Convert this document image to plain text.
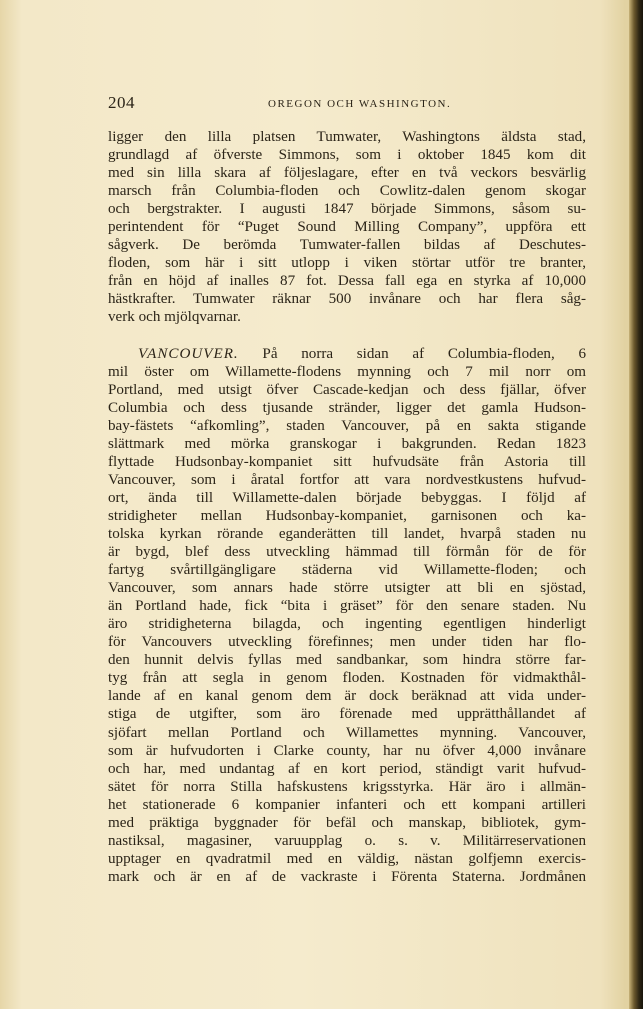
204	OREGON OCH WASHINGTON.
ligger den lilla platsen Tumwater, Washingtons äldsta stad,
grundlagd af öfverste Simmons, som i oktober 1845 kom dit
med sin lilla skara af följeslagare, efter en två veckors besvärlig
marsch från Columbia-floden och Cowlitz-dalen genom skogar
och bergstrakter. I augusti 1847 började Simmons, såsom su-
perintendent för “Puget Sound Milling Company”, uppföra ett
sågverk. De berömda Tumwater-fallen bildas af Deschutes-
floden, som här i sitt utlopp i viken störtar utför tre branter,
från en höjd af inalles 87 fot. Dessa fall ega en styrka af 10,000
hästkrafter. Tumwater räknar 500 invånare och har flera såg-
verk och mjölqvarnar.
VANCOUVER. På norra sidan af Columbia-floden, 6
mil öster om Willamette-flodens mynning och 7 mil norr om
Portland, med utsigt öfver Cascade-kedjan och dess fjällar, öfver
Columbia och dess tjusande stränder, ligger det gamla Hudson-
bay-fästets “afkomling”, staden Vancouver, på en sakta stigande
slättmark med mörka granskogar i bakgrunden. Redan 1823
flyttade Hudsonbay-kompaniet sitt hufvudsäte från Astoria till
Vancouver, som i åratal fortfor att vara nordvestkustens hufvud-
ort, ända till Willamette-dalen började bebyggas. I följd af
stridigheter mellan Hudsonbay-kompaniet, garnisonen och ka-
tolska kyrkan rörande eganderätten till landet, hvarpå staden nu
är bygd, blef dess utveckling hämmad till förmån för de för
fartyg svårtillgängligare städerna vid Willamette-floden; och
Vancouver, som annars hade större utsigter att bli en sjöstad,
än Portland hade, fick “bita i gräset” för den senare staden. Nu
äro stridigheterna bilagda, och ingenting egentligen hinderligt
för Vancouvers utveckling förefinnes; men under tiden har flo-
den hunnit delvis fyllas med sandbankar, som hindra större far-
tyg från att segla in genom floden. Kostnaden för vidmakthål-
lande af en kanal genom dem är dock beräknad att vida under-
stiga de utgifter, som äro förenade med upprätthållandet af
sjöfart mellan Portland och Willamettes mynning. Vancouver,
som är hufvudorten i Clarke county, har nu öfver 4,000 invånare
och har, med undantag af en kort period, ständigt varit hufvud-
sätet för norra Stilla hafskustens krigsstyrka. Här äro i allmän-
het stationerade 6 kompanier infanteri och ett kompani artilleri
med präktiga byggnader för befäl och manskap, bibliotek, gym-
nastiksal, magasiner, varuupplag o. s. v. Militärreservationen
upptager en qvadratmil med en väldig, nästan golfjemn exercis-
mark och är en af de vackraste i Förenta Staterna. Jordmånen
